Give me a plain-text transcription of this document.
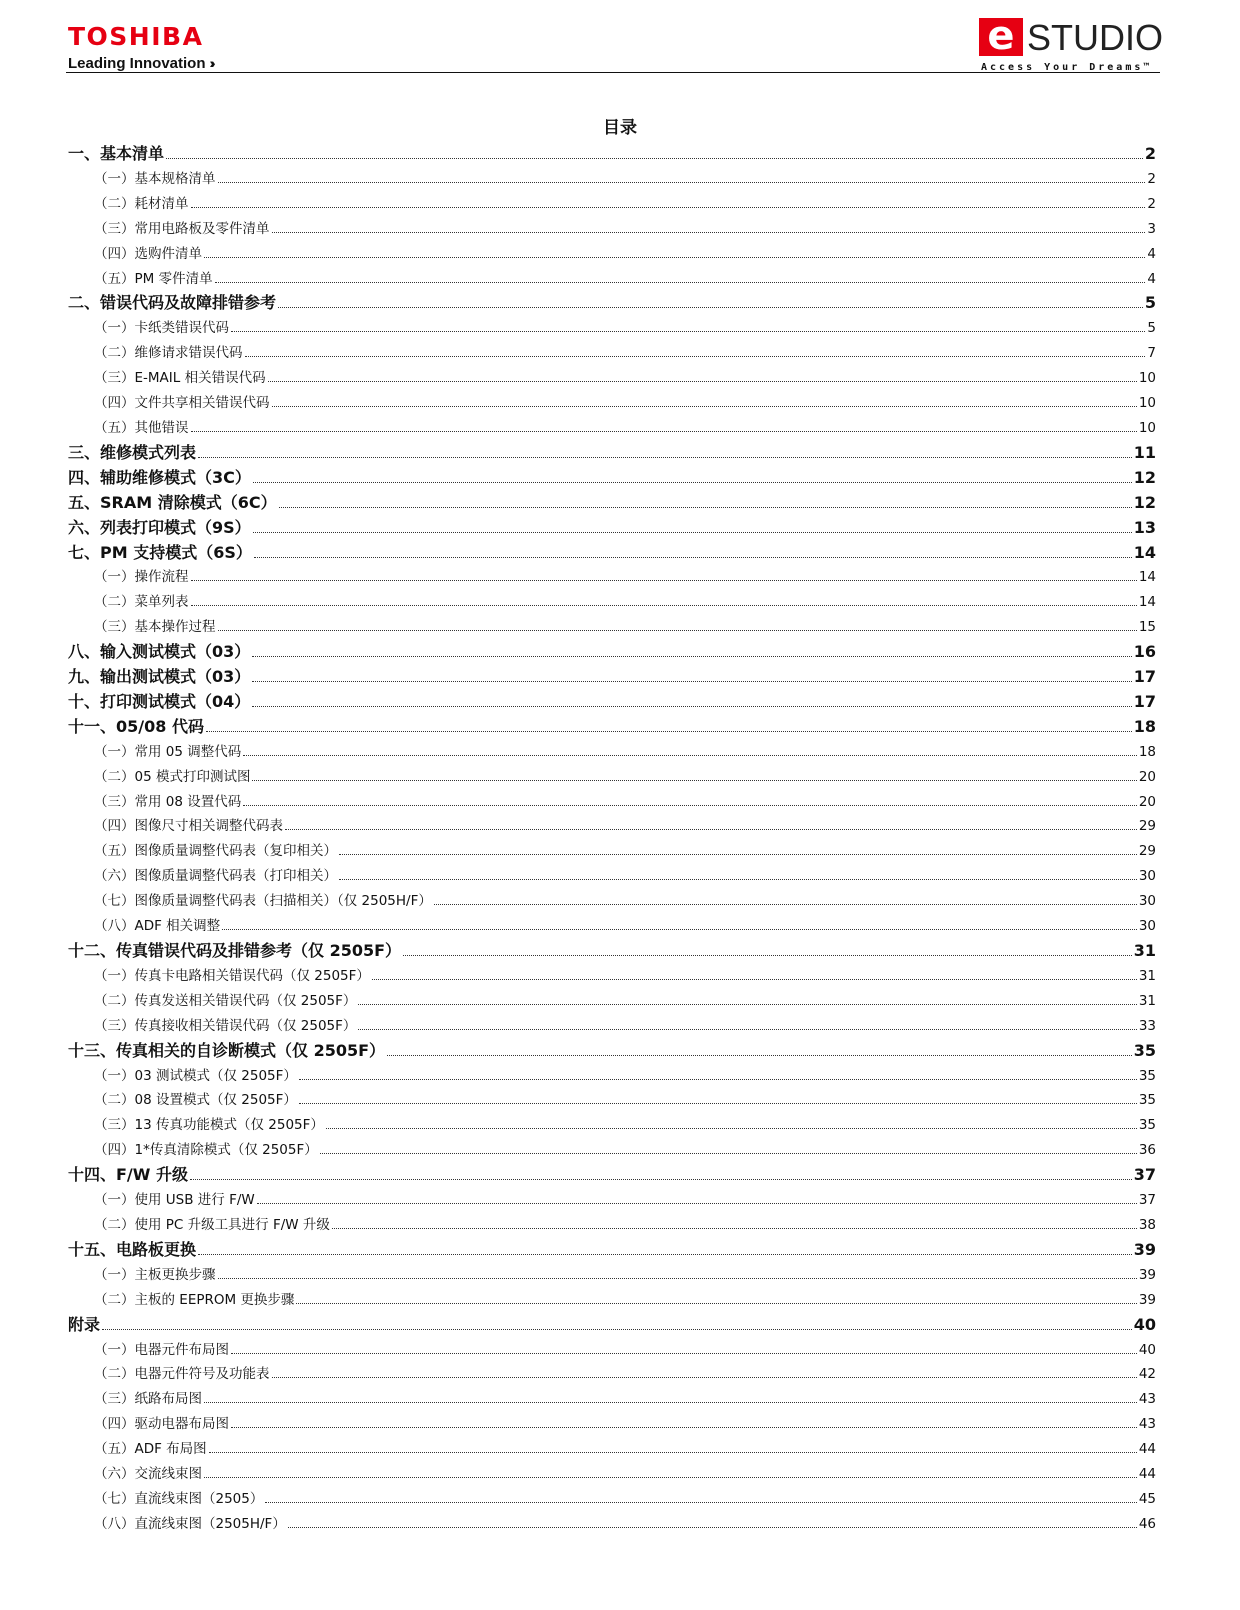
TOSHIBA
Leading Innovation ›››
e STUDIO
Access Your Dreams™
目录
一、基本清单	2
（一）基本规格清单	2
（二）耗材清单	2
（三）常用电路板及零件清单	3
（四）选购件清单	4
（五）PM 零件清单	4
二、错误代码及故障排错参考	5
（一）卡纸类错误代码	5
（二）维修请求错误代码	7
（三）E-MAIL 相关错误代码	10
（四）文件共享相关错误代码	10
（五）其他错误	10
三、维修模式列表	11
四、辅助维修模式（3C）	12
五、SRAM 清除模式（6C）	12
六、列表打印模式（9S）	13
七、PM 支持模式（6S）	14
（一）操作流程	14
（二）菜单列表	14
（三）基本操作过程	15
八、输入测试模式（03）	16
九、输出测试模式（03）	17
十、打印测试模式（04）	17
十一、05/08 代码	18
（一）常用 05 调整代码	18
（二）05 模式打印测试图	20
（三）常用 08 设置代码	20
（四）图像尺寸相关调整代码表	29
（五）图像质量调整代码表（复印相关）	29
（六）图像质量调整代码表（打印相关）	30
（七）图像质量调整代码表（扫描相关）（仅 2505H/F）	30
（八）ADF 相关调整	30
十二、传真错误代码及排错参考（仅 2505F）	31
（一）传真卡电路相关错误代码（仅 2505F）	31
（二）传真发送相关错误代码（仅 2505F）	31
（三）传真接收相关错误代码（仅 2505F）	33
十三、传真相关的自诊断模式（仅 2505F）	35
（一）03 测试模式（仅 2505F）	35
（二）08 设置模式（仅 2505F）	35
（三）13 传真功能模式（仅 2505F）	35
（四）1*传真清除模式（仅 2505F）	36
十四、F/W 升级	37
（一）使用 USB 进行 F/W	37
（二）使用 PC 升级工具进行 F/W 升级	38
十五、电路板更换	39
（一）主板更换步骤	39
（二）主板的 EEPROM 更换步骤	39
附录	40
（一）电器元件布局图	40
（二）电器元件符号及功能表	42
（三）纸路布局图	43
（四）驱动电器布局图	43
（五）ADF 布局图	44
（六）交流线束图	44
（七）直流线束图（2505）	45
（八）直流线束图（2505H/F）	46
